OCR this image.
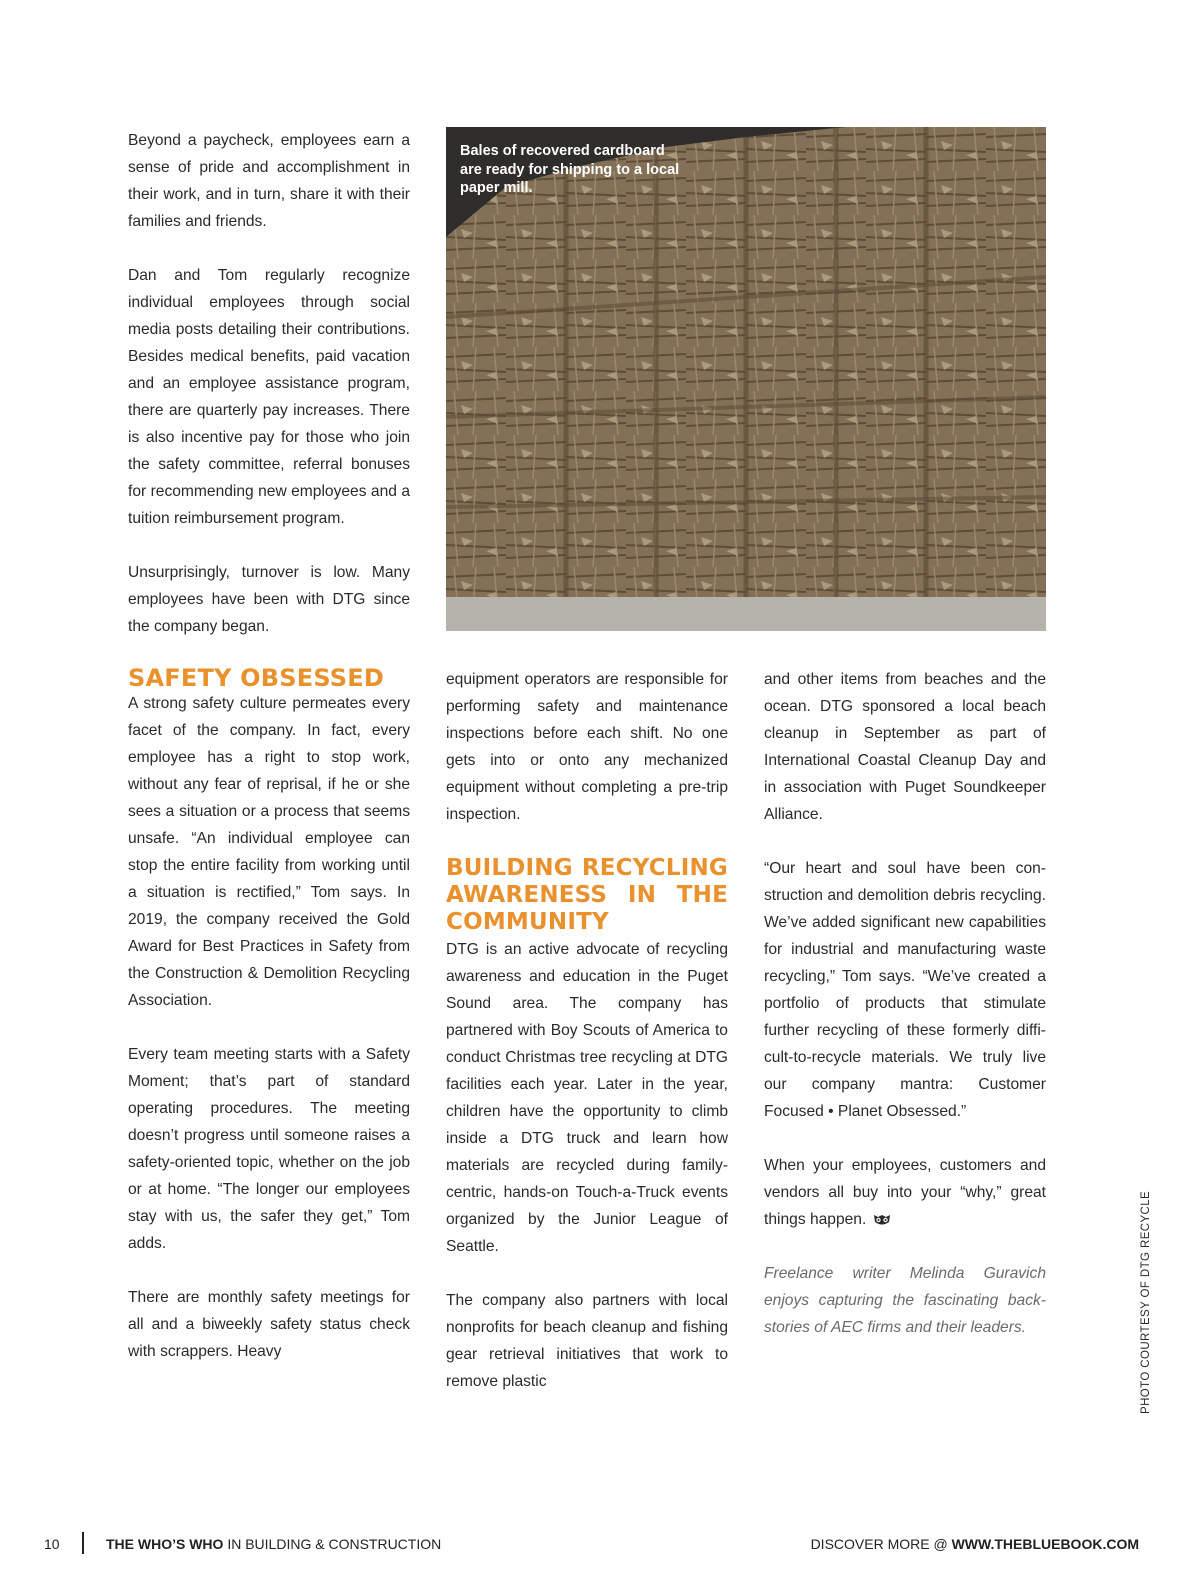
Beyond a paycheck, employees earn a sense of pride and accomplishment in their work, and in turn, share it with their families and friends.

Dan and Tom regularly recognize individual employees through social media posts detailing their contributions. Besides medical benefits, paid vacation and an employee assistance program, there are quarterly pay increases. There is also incentive pay for those who join the safety committee, referral bonuses for recommending new employees and a tuition reimbursement program.

Unsurprisingly, turnover is low. Many employees have been with DTG since the company began.

SAFETY OBSESSED

A strong safety culture permeates every facet of the company. In fact, every employee has a right to stop work, without any fear of reprisal, if he or she sees a situation or a process that seems unsafe. “An individual employee can stop the entire facility from working until a situation is rectified,” Tom says. In 2019, the company received the Gold Award for Best Practices in Safety from the Construction & Demolition Recycling Association.

Every team meeting starts with a Safety Moment; that’s part of standard operating procedures. The meeting doesn’t progress until someone raises a safety-oriented topic, whether on the job or at home. “The longer our employees stay with us, the safer they get,” Tom adds.

There are monthly safety meetings for all and a biweekly safety status check with scrappers. Heavy

Bales of recovered cardboard are ready for shipping to a local paper mill.

equipment operators are responsible for performing safety and maintenance inspections before each shift. No one gets into or onto any mechanized equipment without completing a pre-trip inspection.

BUILDING RECYCLING AWARENESS IN THE COMMUNITY

DTG is an active advocate of recycling awareness and education in the Puget Sound area. The company has partnered with Boy Scouts of America to conduct Christmas tree recycling at DTG facilities each year. Later in the year, children have the opportunity to climb inside a DTG truck and learn how materials are recycled during family-centric, hands-on Touch-a-Truck events organized by the Junior League of Seattle.

The company also partners with local nonprofits for beach cleanup and fishing gear retrieval initiatives that work to remove plastic

and other items from beaches and the ocean. DTG sponsored a local beach cleanup in September as part of International Coastal Cleanup Day and in association with Puget Soundkeeper Alliance.

“Our heart and soul have been construction and demolition debris recycling. We’ve added significant new capabilities for industrial and manufacturing waste recycling,” Tom says. “We’ve created a portfolio of products that stimulate further recycling of these formerly difficult-to-recycle materials. We truly live our company mantra: Customer Focused • Planet Obsessed.”

When your employees, customers and vendors all buy into your “why,” great things happen.

Freelance writer Melinda Guravich enjoys capturing the fascinating backstories of AEC firms and their leaders.	PHOTO COURTESY OF DTG RECYCLE
10	THE WHO’S WHO IN BUILDING & CONSTRUCTION	DISCOVER MORE @ WWW.THEBLUEBOOK.COM
